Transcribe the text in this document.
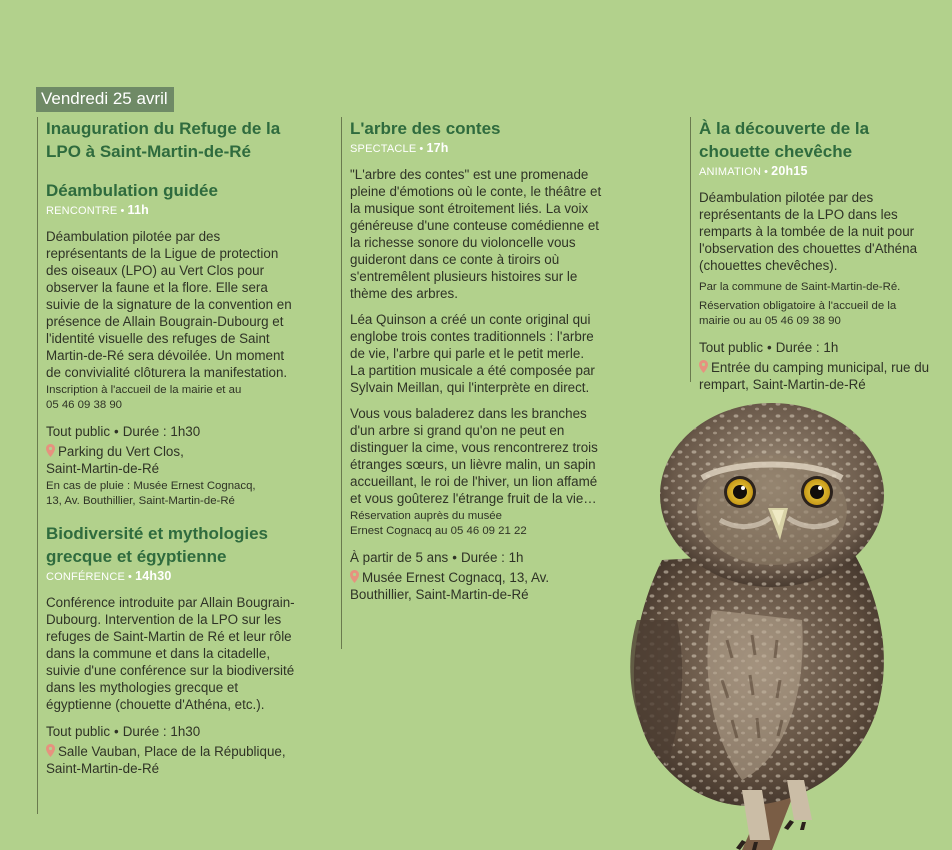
Vendredi 25 avril
Inauguration du Refuge de la LPO à Saint-Martin-de-Ré
Déambulation guidée
RENCONTRE • 11h
Déambulation pilotée par des représentants de la Ligue de protection des oiseaux (LPO) au Vert Clos pour observer la faune et la flore. Elle sera suivie de la signature de la convention en présence de Allain Bougrain-Dubourg et l'identité visuelle des refuges de Saint Martin-de-Ré sera dévoilée. Un moment de convivialité clôturera la manifestation.
Inscription à l'accueil de la mairie et au 05 46 09 38 90
Tout public • Durée : 1h30
Parking du Vert Clos, Saint-Martin-de-Ré
En cas de pluie : Musée Ernest Cognacq, 13, Av. Bouthillier, Saint-Martin-de-Ré
Biodiversité et mythologies grecque et égyptienne
CONFÉRENCE • 14h30
Conférence introduite par Allain Bougrain-Dubourg. Intervention de la LPO sur les refuges de Saint-Martin de Ré et leur rôle dans la commune et dans la citadelle, suivie d'une conférence sur la biodiversité dans les mythologies grecque et égyptienne (chouette d'Athéna, etc.).
Tout public • Durée : 1h30
Salle Vauban, Place de la République, Saint-Martin-de-Ré
L'arbre des contes
SPECTACLE • 17h
"L'arbre des contes" est une promenade pleine d'émotions où le conte, le théâtre et la musique sont étroitement liés. La voix généreuse d'une conteuse comédienne et la richesse sonore du violoncelle vous guideront dans ce conte à tiroirs où s'entremêlent plusieurs histoires sur le thème des arbres.
Léa Quinson a créé un conte original qui englobe trois contes traditionnels : l'arbre de vie, l'arbre qui parle et le petit merle. La partition musicale a été composée par Sylvain Meillan, qui l'interprète en direct.
Vous vous baladerez dans les branches d'un arbre si grand qu'on ne peut en distinguer la cime, vous rencontrerez trois étranges sœurs, un lièvre malin, un sapin accueillant, le roi de l'hiver, un lion affamé et vous goûterez l'étrange fruit de la vie…
Réservation auprès du musée Ernest Cognacq au 05 46 09 21 22
À partir de 5 ans • Durée : 1h
Musée Ernest Cognacq, 13, Av. Bouthillier, Saint-Martin-de-Ré
À la découverte de la chouette chevêche
ANIMATION • 20h15
Déambulation pilotée par des représentants de la LPO dans les remparts à la tombée de la nuit pour l'observation des chouettes d'Athéna (chouettes chevêches).
Par la commune de Saint-Martin-de-Ré.
Réservation obligatoire à l'accueil de la mairie ou au 05 46 09 38 90
Tout public • Durée : 1h
Entrée du camping municipal, rue du rempart, Saint-Martin-de-Ré
